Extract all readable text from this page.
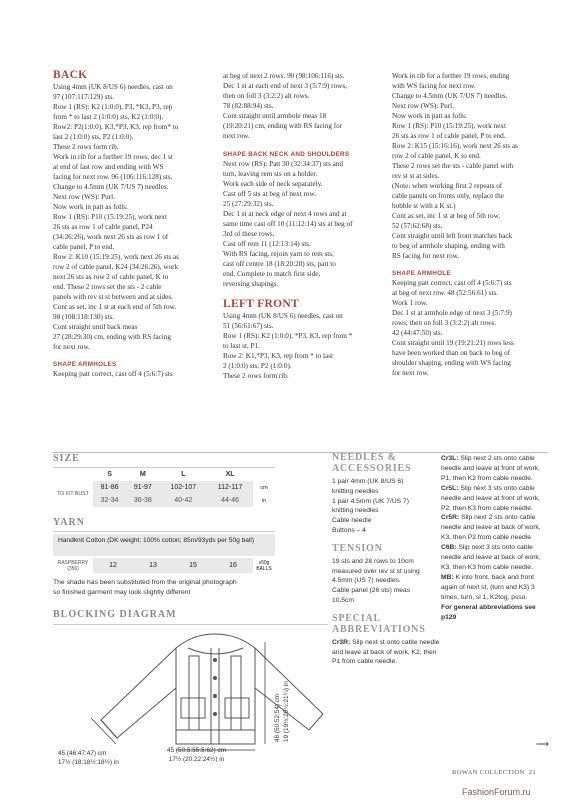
BACK
Using 4mm (UK 8/US 6) needles, cast on
97 (107:117:129) sts.
Row 1 (RS): K2 (1:0:0), P3, *K3, P3, rep
from * to last 2 (1:0:0) sts, K2 (1:0:0).
Row2: P2(1:0:0), K3,*P3, K3, rep from* to
last 2 (1:0:0) sts, P2 (1:0:0).
These 2 rows form rib.
Work in rib for a further 19 rows, dec 1 st
at end of last row and ending with WS
facing for next row. 96 (106:116:128) sts.
Change to 4.5mm (UK 7/US 7) needles.
Next row (WS): Purl.
Now work in patt as folls:
Row 1 (RS): P10 (15:19:25), work next
26 sts as row 1 of cable panel, P24
(34:26:26), work next 26 sts as row 1 of
cable panel, P to end.
Row 2: K10 (15:19:25), work next 26 sts as
row 2 of cable panel, K24 (34:26:26), work
next 26 sts as row 2 of cable panel, K to
end. These 2 rows set the sts - 2 cable
panels with rev st st between and at sides.
Cont as set, inc 1 st at each end of 5th row.
98 (108:118:130) sts.
Cont straight until back meas
27 (28:29:30) cm, ending with RS facing
for next row.
SHAPE ARMHOLES
Keeping patt correct, cast off 4 (5:6:7) sts
at beg of next 2 rows. 90 (98:106:116) sts.
Dec 1 st at each end of next 3 (5:7:9) rows,
then on foll 3 (3:2:2) alt rows.
78 (82:88:94) sts.
Cont straight until armhole meas 18
(19:20:21) cm, ending with RS facing for
next row.
SHAPE BACK NECK AND SHOULDERS
Next row (RS): Patt 30 (32:34:37) sts and
turn, leaving rem sts on a holder.
Work each side of neck separately.
Cast off 5 sts at beg of next row.
25 (27:29:32) sts.
Dec 1 st at neck edge of next 4 rows and at
same time cast off 10 (11:12:14) sts at beg of
3rd of these rows.
Cast off rem 11 (12:13:14) sts.
With RS facing, rejoin yarn to rem sts,
cast off centre 18 (18:20:20) sts, patt to
end. Complete to match first side,
reversing shapings.
LEFT FRONT
Using 4mm (UK 8/US 6) needles, cast on
51 (56:61:67) sts.
Row 1 (RS): K2 (1:0:0), *P3, K3, rep from *
to last st, P1.
Row 2: K1,*P3, K3, rep from * to last
2 (1:0:0) sts, P2 (1:0:0).
These 2 rows form rib.
Work in rib for a further 19 rows, ending
with WS facing for next row.
Change to 4.5mm (UK 7/US 7) needles.
Next row (WS): Purl.
Now work in patt as folls:
Row 1 (RS): P10 (15:19:25), work next
26 sts as row 1 of cable panel, P to end.
Row 2: K15 (15:16:16), work next 26 sts as
row 2 of cable panel, K to end.
These 2 rows set the sts - cable panel with
rev st st at sides.
(Note: when working first 2 repeats of
cable panels on fronts only, replace the
bobble st with a K st.)
Cont as set, inc 1 st at beg of 5th row.
52 (57:62:68) sts.
Cont straight until left front matches back
to beg of armhole shaping, ending with
RS facing for next row.
SHAPE ARMHOLE
Keeping patt correct, cast off 4 (5:6:7) sts
at beg of next row. 48 (52:56:61) sts.
Work 1 row.
Dec 1 st at armhole edge of next 3 (5:7:9)
rows, then on foll 3 (3:2:2) alt rows.
42 (44:47:50) sts.
Cont straight until 19 (19:21:21) rows less
have been worked than on back to beg of
shoulder shaping, ending with WS facing
for next row.
SIZE
	S	M	L	XL	
TO FIT BUST	81-86	91-97	102-107	112-117	cm
	32-34	36-38	40-42	44-46	in
YARN
Handknit Cotton (DK weight; 100% cotton; 85m/93yds per 50g ball)
RASPBERRY (356)	12	13	15	16	x50g BALLS
The shade has been substituted from the original photograph
so finished garment may look slightly different
BLOCKING DIAGRAM
45 (46:47:47) cm
17½ (18:18½:18½) in
45 (50.5:55.5:62) cm
17½ (20:22:24½) in
48 (50:52:54) cm 19 (19½:20½:21¼) in
NEEDLES & ACCESSORIES
1 pair 4mm (UK 8/US 6)
knitting needles
1 pair 4.5mm (UK 7/US 7)
knitting needles
Cable needle
Buttons – 4
TENSION
19 sts and 28 rows to 10cm
measured over rev st st using
4.5mm (US 7) needles.
Cable panel (26 sts) meas
10.5cm
SPECIAL ABBREVIATIONS
Cr3R: Slip next st onto cable needle and leave at back of work, K2, then P1 from cable needle.
Cr3L: Slip next 2 sts onto cable needle and leave at front of work, P1, then K2 from cable needle.
Cr5L: Slip next 3 sts onto cable needle and leave at front of work, P2, then K3 from cable needle.
Cr5R: Slip next 2 sts onto cable needle and leave at back of work, K3, then P2 from cable needle.
C6B: Slip next 3 sts onto cable needle and leave at back of work, K3, then K3 from cable needle.
MB: K into front, back and front again of next st, (turn and K3) 3 times, turn, sl 1, K2tog, psso.
For general abbreviations see p129
⟶
ROWAN COLLECTION 21
FashionForum.ru
